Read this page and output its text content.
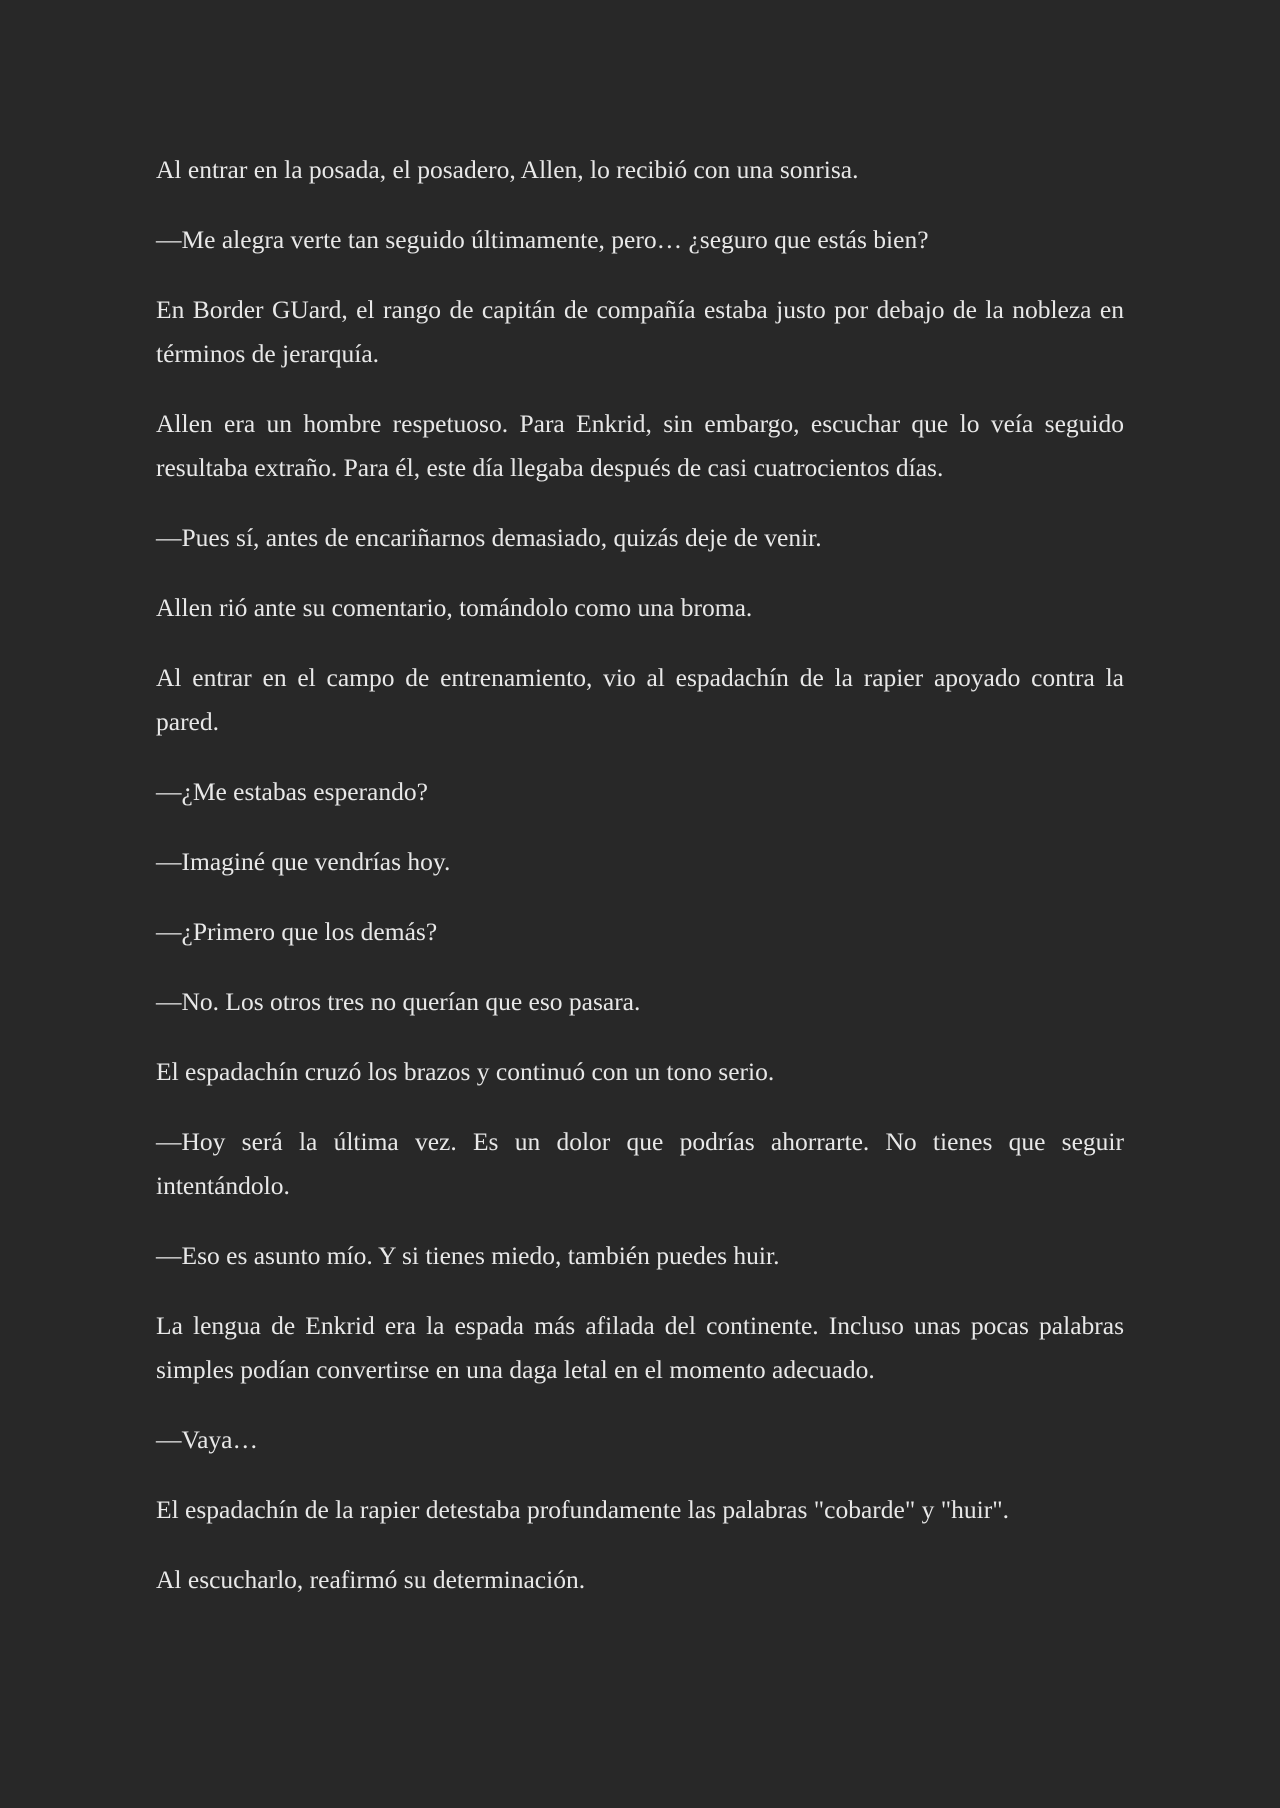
Al entrar en la posada, el posadero, Allen, lo recibió con una sonrisa.

—Me alegra verte tan seguido últimamente, pero… ¿seguro que estás bien?

En Border GUard, el rango de capitán de compañía estaba justo por debajo de la nobleza en términos de jerarquía.

Allen era un hombre respetuoso. Para Enkrid, sin embargo, escuchar que lo veía seguido resultaba extraño. Para él, este día llegaba después de casi cuatrocientos días.

—Pues sí, antes de encariñarnos demasiado, quizás deje de venir.

Allen rió ante su comentario, tomándolo como una broma.

Al entrar en el campo de entrenamiento, vio al espadachín de la rapier apoyado contra la pared.

—¿Me estabas esperando?

—Imaginé que vendrías hoy.

—¿Primero que los demás?

—No. Los otros tres no querían que eso pasara.

El espadachín cruzó los brazos y continuó con un tono serio.

—Hoy será la última vez. Es un dolor que podrías ahorrarte. No tienes que seguir intentándolo.

—Eso es asunto mío. Y si tienes miedo, también puedes huir.

La lengua de Enkrid era la espada más afilada del continente. Incluso unas pocas palabras simples podían convertirse en una daga letal en el momento adecuado.

—Vaya…

El espadachín de la rapier detestaba profundamente las palabras "cobarde" y "huir".

Al escucharlo, reafirmó su determinación.
